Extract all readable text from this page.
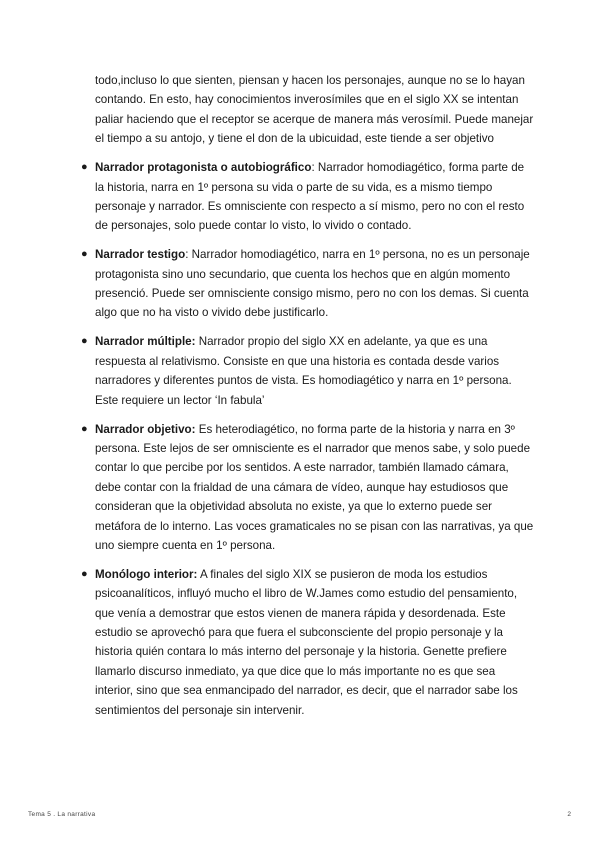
todo,incluso lo que sienten, piensan y hacen los personajes, aunque no se lo hayan contando. En esto, hay conocimientos inverosímiles que en el siglo XX se intentan paliar haciendo que el receptor se acerque de manera más verosímil. Puede manejar el tiempo a su antojo, y tiene el don de la ubicuidad, este tiende a ser objetivo

● Narrador protagonista o autobiográfico: Narrador homodiagético, forma parte de la historia, narra en 1º persona su vida o parte de su vida, es a mismo tiempo personaje y narrador. Es omnisciente con respecto a sí mismo, pero no con el resto de personajes, solo puede contar lo visto, lo vivido o contado.
● Narrador testigo: Narrador homodiagético, narra en 1º persona, no es un personaje protagonista sino uno secundario, que cuenta los hechos que en algún momento presenció. Puede ser omnisciente consigo mismo, pero no con los demas. Si cuenta algo que no ha visto o vivido debe justificarlo.
● Narrador múltiple: Narrador propio del siglo XX en adelante, ya que es una respuesta al relativismo. Consiste en que una historia es contada desde varios narradores y diferentes puntos de vista. Es homodiagético y narra en 1º persona. Este requiere un lector ‘In fabula’
● Narrador objetivo: Es heterodiagético, no forma parte de la historia y narra en 3º persona. Este lejos de ser omnisciente es el narrador que menos sabe, y solo puede contar lo que percibe por los sentidos. A este narrador, también llamado cámara, debe contar con la frialdad de una cámara de vídeo, aunque hay estudiosos que consideran que la objetividad absoluta no existe, ya que lo externo puede ser metáfora de lo interno. Las voces gramaticales no se pisan con las narrativas, ya que uno siempre cuenta en 1º persona.
● Monólogo interior: A finales del siglo XIX se pusieron de moda los estudios psicoanalíticos, influyó mucho el libro de W.James como estudio del pensamiento, que venía a demostrar que estos vienen de manera rápida y desordenada. Este estudio se aprovechó para que fuera el subconsciente del propio personaje y la historia quién contara lo más interno del personaje y la historia. Genette prefiere llamarlo discurso inmediato, ya que dice que lo más importante no es que sea interior, sino que sea enmancipado del narrador, es decir, que el narrador sabe los sentimientos del personaje sin intervenir.
Tema 5 . La narrativa	2
